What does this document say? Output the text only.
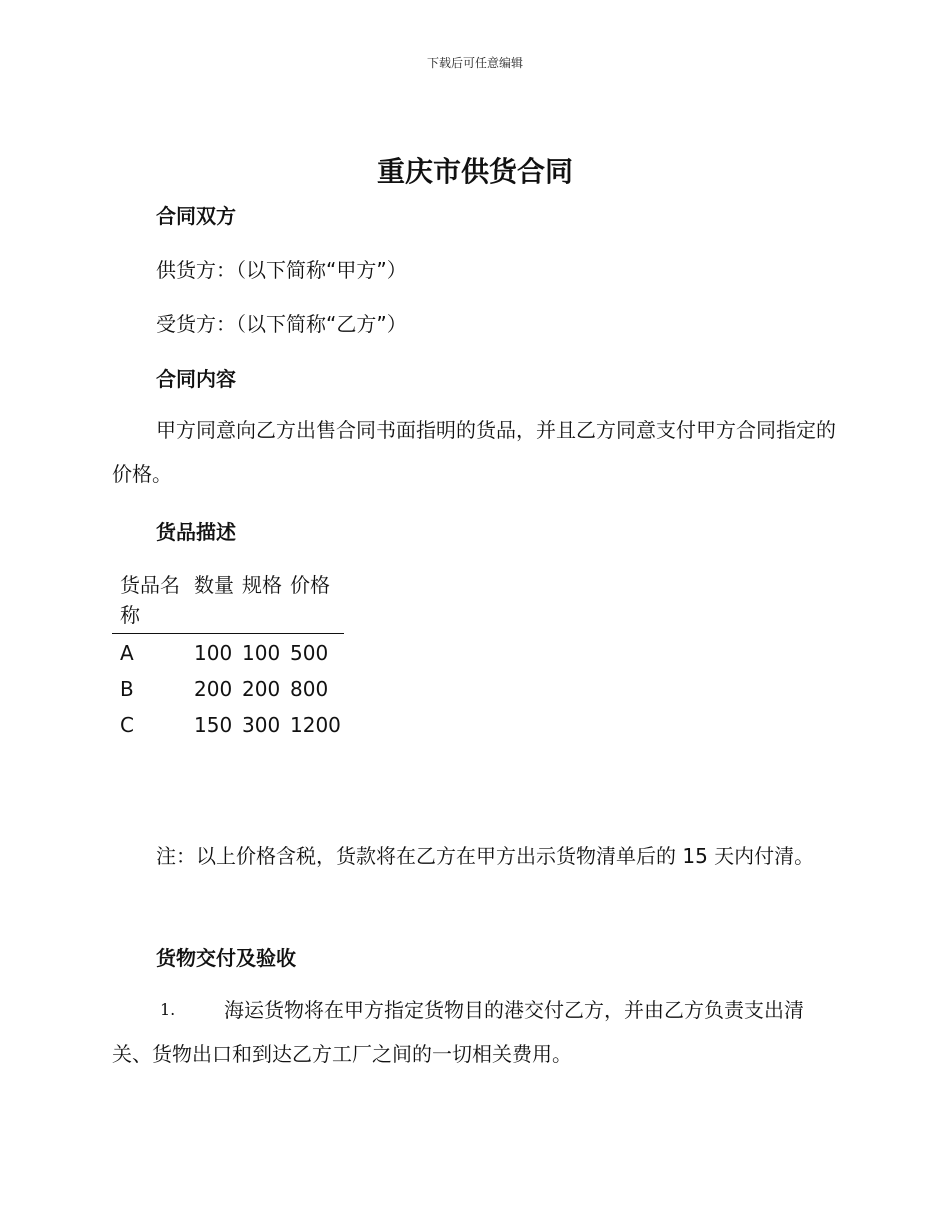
下载后可任意编辑
重庆市供货合同
合同双方
供货方：（以下简称“甲方”）
受货方：（以下简称“乙方”）
合同内容
甲方同意向乙方出售合同书面指明的货品，并且乙方同意支付甲方合同指定的价格。
货品描述
货品名称	数量	规格	价格
A	100	100	500
B	200	200	800
C	150	300	1200
注：以上价格含税，货款将在乙方在甲方出示货物清单后的 15 天内付清。
货物交付及验收
1.	海运货物将在甲方指定货物目的港交付乙方，并由乙方负责支出清关、货物出口和到达乙方工厂之间的一切相关费用。
